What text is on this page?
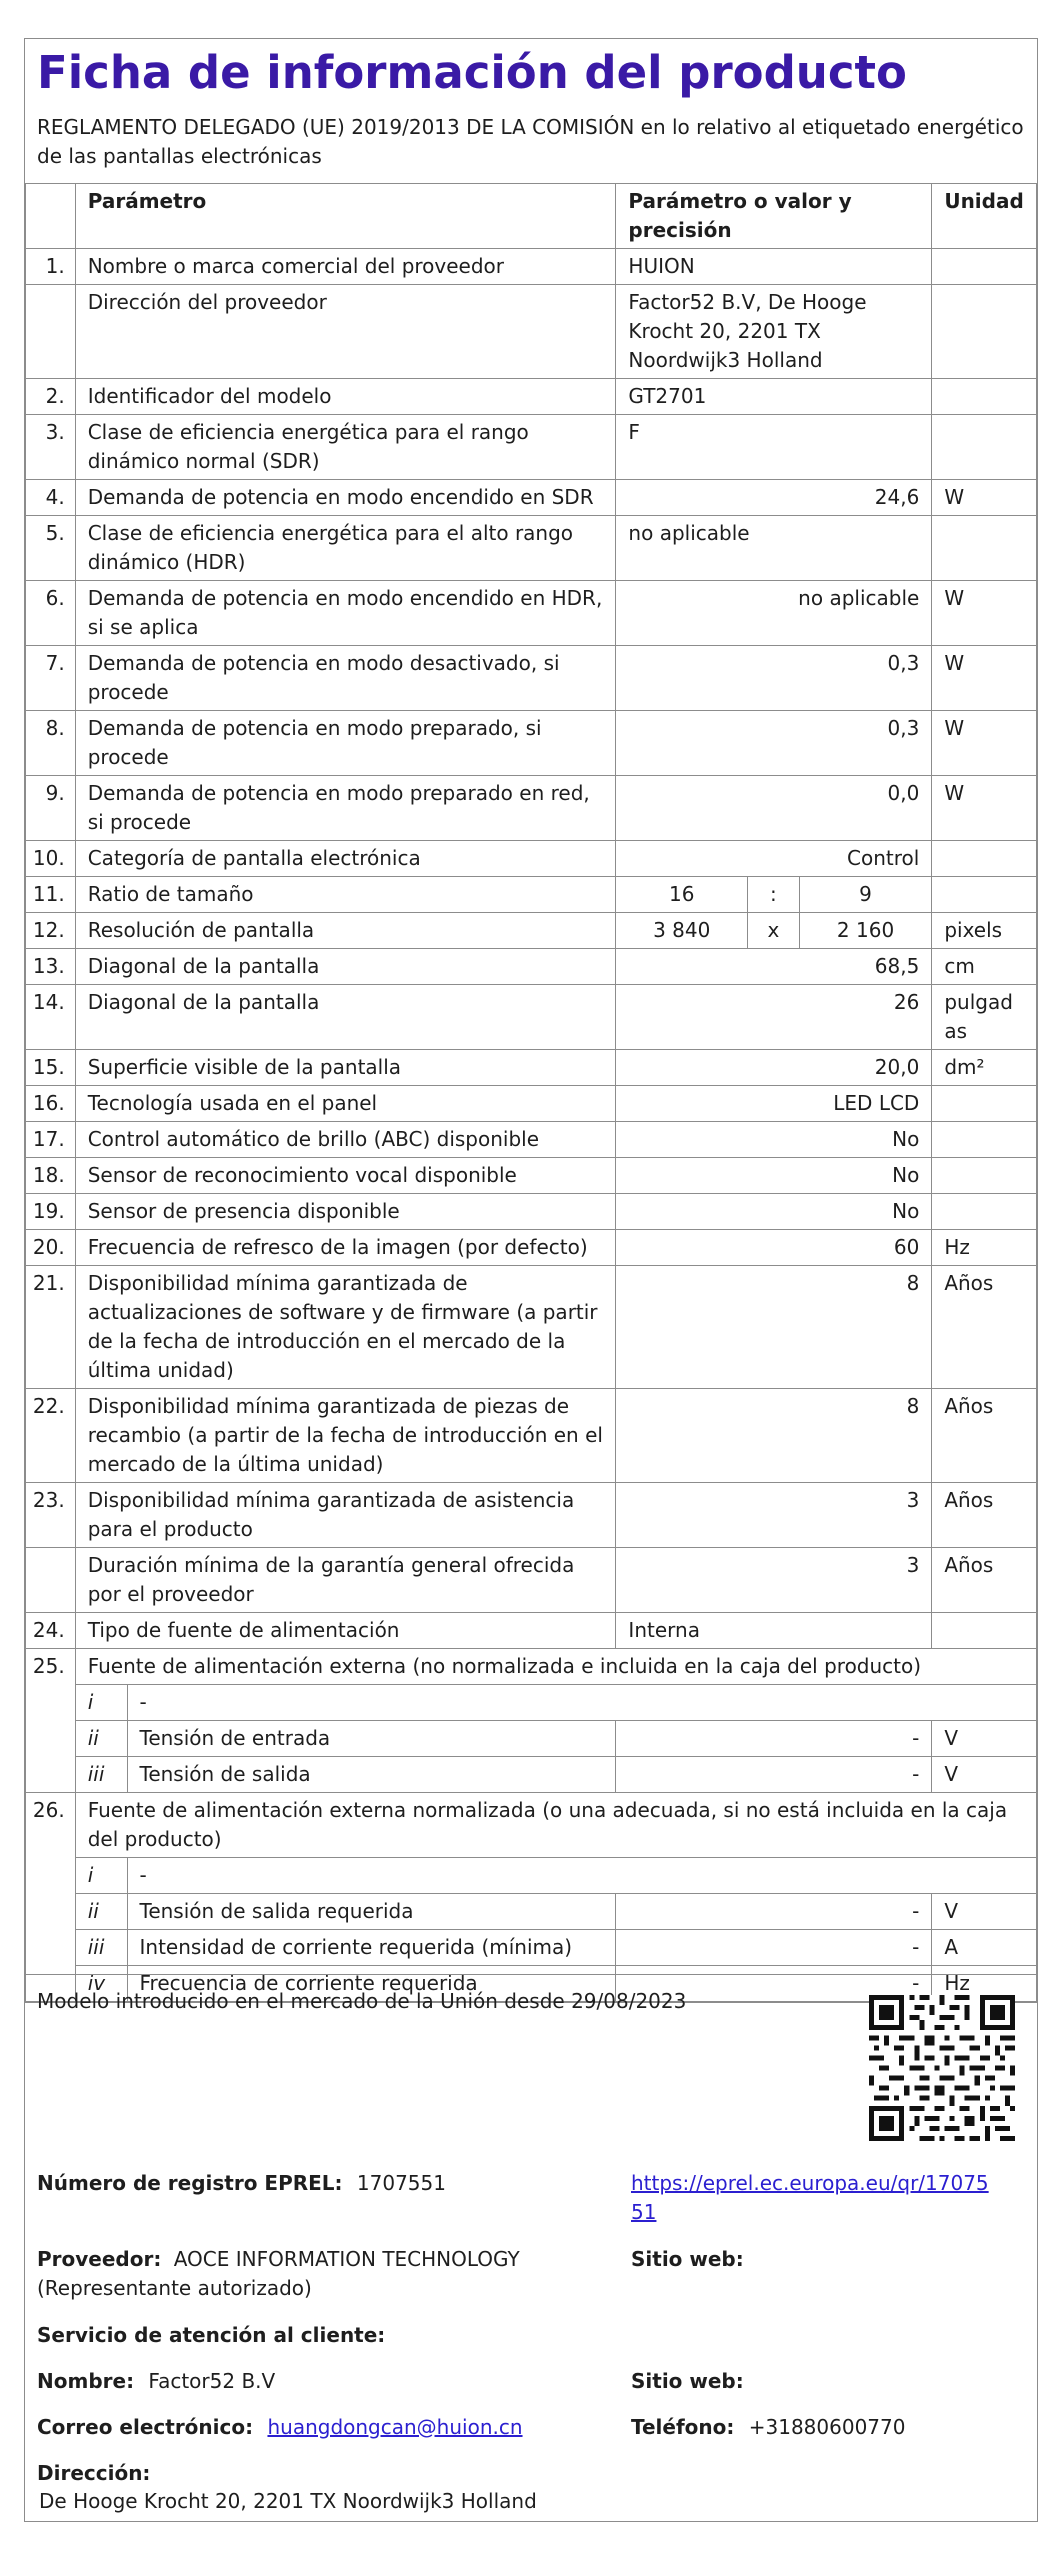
Ficha de información del producto
REGLAMENTO DELEGADO (UE) 2019/2013 DE LA COMISIÓN en lo relativo al etiquetado energético de las pantallas electrónicas
	Parámetro		Parámetro o valor y precisión			Unidad
1.	Nombre o marca comercial del proveedor		HUION			
	Dirección del proveedor		Factor52 B.V, De Hooge Krocht 20, 2201 TX Noordwijk3 Holland			
2.	Identificador del modelo		GT2701			
3.	Clase de eficiencia energética para el rango dinámico normal (SDR)		F			
4.	Demanda de potencia en modo encendido en SDR		24,6			W
5.	Clase de eficiencia energética para el alto rango dinámico (HDR)		no aplicable			
6.	Demanda de potencia en modo encendido en HDR, si se aplica		no aplicable			W
7.	Demanda de potencia en modo desactivado, si procede		0,3			W
8.	Demanda de potencia en modo preparado, si procede		0,3			W
9.	Demanda de potencia en modo preparado en red, si procede		0,0			W
10.	Categoría de pantalla electrónica		Control			
11.	Ratio de tamaño		16	:	9	
12.	Resolución de pantalla		3 840	x	2 160	pixels
13.	Diagonal de la pantalla		68,5			cm
14.	Diagonal de la pantalla		26			pulgadas
15.	Superficie visible de la pantalla		20,0			dm²
16.	Tecnología usada en el panel		LED LCD			
17.	Control automático de brillo (ABC) disponible		No			
18.	Sensor de reconocimiento vocal disponible		No			
19.	Sensor de presencia disponible		No			
20.	Frecuencia de refresco de la imagen (por defecto)		60			Hz
21.	Disponibilidad mínima garantizada de actualizaciones de software y de firmware (a partir de la fecha de introducción en el mercado de la última unidad)		8			Años
22.	Disponibilidad mínima garantizada de piezas de recambio (a partir de la fecha de introducción en el mercado de la última unidad)		8			Años
23.	Disponibilidad mínima garantizada de asistencia para el producto		3			Años
	Duración mínima de la garantía general ofrecida por el proveedor		3			Años
24.	Tipo de fuente de alimentación		Interna			
25.	Fuente de alimentación externa (no normalizada e incluida en la caja del producto)					
	i	-				
	ii	Tensión de entrada	-			V
	iii	Tensión de salida	-			V
26.	Fuente de alimentación externa normalizada (o una adecuada, si no está incluida en la caja del producto)					
	i	-				
	ii	Tensión de salida requerida	-			V
	iii	Intensidad de corriente requerida (mínima)	-			A
	iv	Frecuencia de corriente requerida	-			Hz
Modelo introducido en el mercado de la Unión desde 29/08/2023
Número de registro EPREL: 1707551	https://eprel.ec.europa.eu/qr/1707551
Proveedor: AOCE INFORMATION TECHNOLOGY (Representante autorizado)
Sitio web:
Servicio de atención al cliente:
Nombre: Factor52 B.V	Sitio web:
Correo electrónico: huangdongcan@huion.cn	Teléfono: +31880600770
Dirección:
De Hooge Krocht 20, 2201 TX Noordwijk3 Holland
